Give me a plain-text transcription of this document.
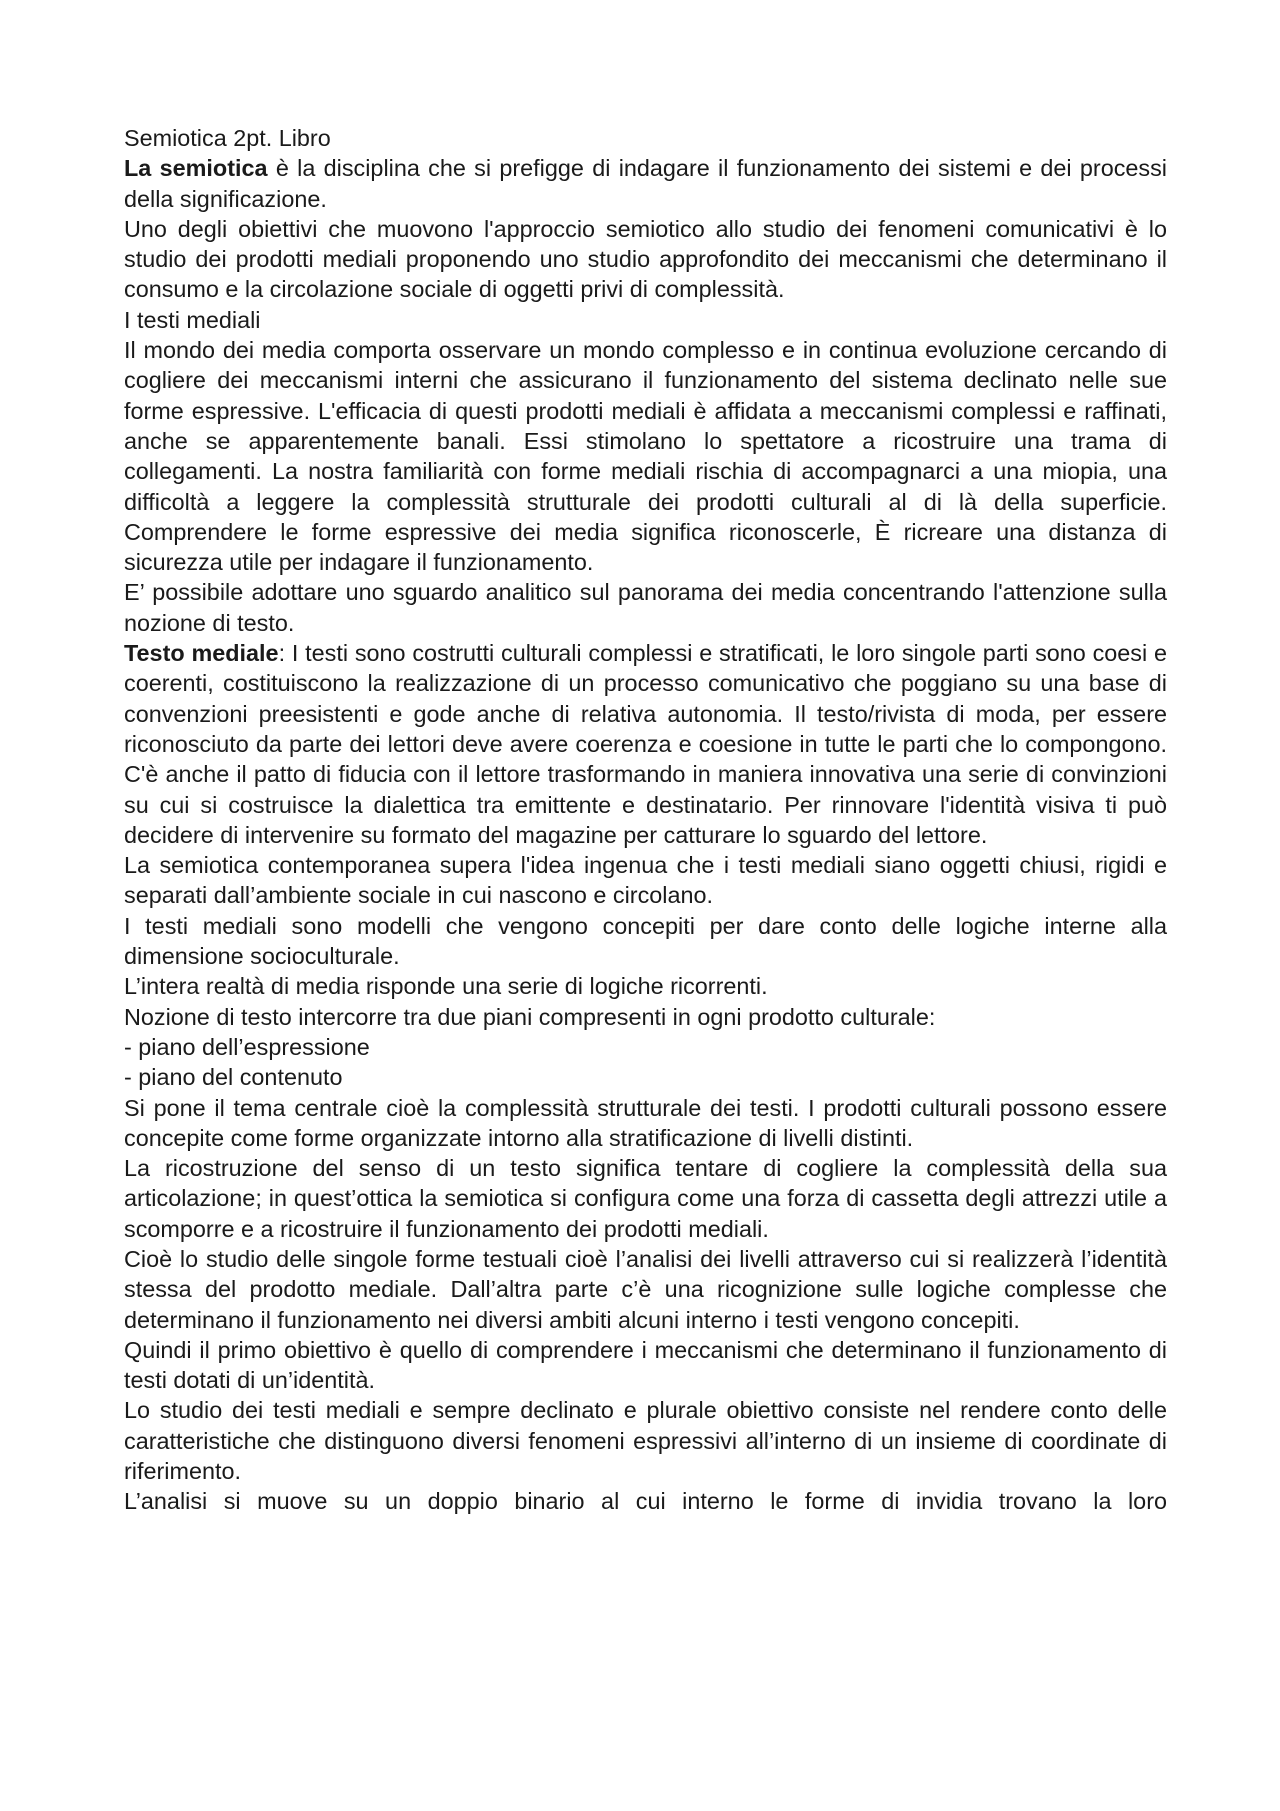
Semiotica 2pt. Libro

La semiotica è la disciplina che si prefigge di indagare il funzionamento dei sistemi e dei processi della significazione.

Uno degli obiettivi che muovono l'approccio semiotico allo studio dei fenomeni comunicativi è lo studio dei prodotti mediali proponendo uno studio approfondito dei meccanismi che determinano il consumo e la circolazione sociale di oggetti privi di complessità.

I testi mediali

Il mondo dei media comporta osservare un mondo complesso e in continua evoluzione cercando di cogliere dei meccanismi interni che assicurano il funzionamento del sistema declinato nelle sue forme espressive. L'efficacia di questi prodotti mediali è affidata a meccanismi complessi e raffinati, anche se apparentemente banali. Essi stimolano lo spettatore a ricostruire una trama di collegamenti. La nostra familiarità con forme mediali rischia di accompagnarci a una miopia, una difficoltà a leggere la complessità strutturale dei prodotti culturali al di là della superficie. Comprendere le forme espressive dei media significa riconoscerle, È ricreare una distanza di sicurezza utile per indagare il funzionamento.

E’ possibile adottare uno sguardo analitico sul panorama dei media concentrando l'attenzione sulla nozione di testo.

Testo mediale: I testi sono costrutti culturali complessi e stratificati, le loro singole parti sono coesi e coerenti, costituiscono la realizzazione di un processo comunicativo che poggiano su una base di convenzioni preesistenti e gode anche di relativa autonomia. Il testo/rivista di moda, per essere riconosciuto da parte dei lettori deve avere coerenza e coesione in tutte le parti che lo compongono. C'è anche il patto di fiducia con il lettore trasformando in maniera innovativa una serie di convinzioni su cui si costruisce la dialettica tra emittente e destinatario. Per rinnovare l'identità visiva ti può decidere di intervenire su formato del magazine per catturare lo sguardo del lettore.

La semiotica contemporanea supera l'idea ingenua che i testi mediali siano oggetti chiusi, rigidi e separati dall’ambiente sociale in cui nascono e circolano.

I testi mediali sono modelli che vengono concepiti per dare conto delle logiche interne alla dimensione socioculturale.

L’intera realtà di media risponde una serie di logiche ricorrenti.

Nozione di testo intercorre tra due piani compresenti in ogni prodotto culturale:

- piano dell’espressione

- piano del contenuto

Si pone il tema centrale cioè la complessità strutturale dei testi. I prodotti culturali possono essere concepite come forme organizzate intorno alla stratificazione di livelli distinti.

La ricostruzione del senso di un testo significa tentare di cogliere la complessità della sua articolazione; in quest’ottica la semiotica si configura come una forza di cassetta degli attrezzi utile a scomporre e a ricostruire il funzionamento dei prodotti mediali.

Cioè lo studio delle singole forme testuali cioè l’analisi dei livelli attraverso cui si realizzerà l’identità stessa del prodotto mediale. Dall’altra parte c’è una ricognizione sulle logiche complesse che determinano il funzionamento nei diversi ambiti alcuni interno i testi vengono concepiti.

Quindi il primo obiettivo è quello di comprendere i meccanismi che determinano il funzionamento di testi dotati di un’identità.

Lo studio dei testi mediali e sempre declinato e plurale obiettivo consiste nel rendere conto delle caratteristiche che distinguono diversi fenomeni espressivi all’interno di un insieme di coordinate di riferimento.

L’analisi si muove su un doppio binario al cui interno le forme di invidia trovano la loro
